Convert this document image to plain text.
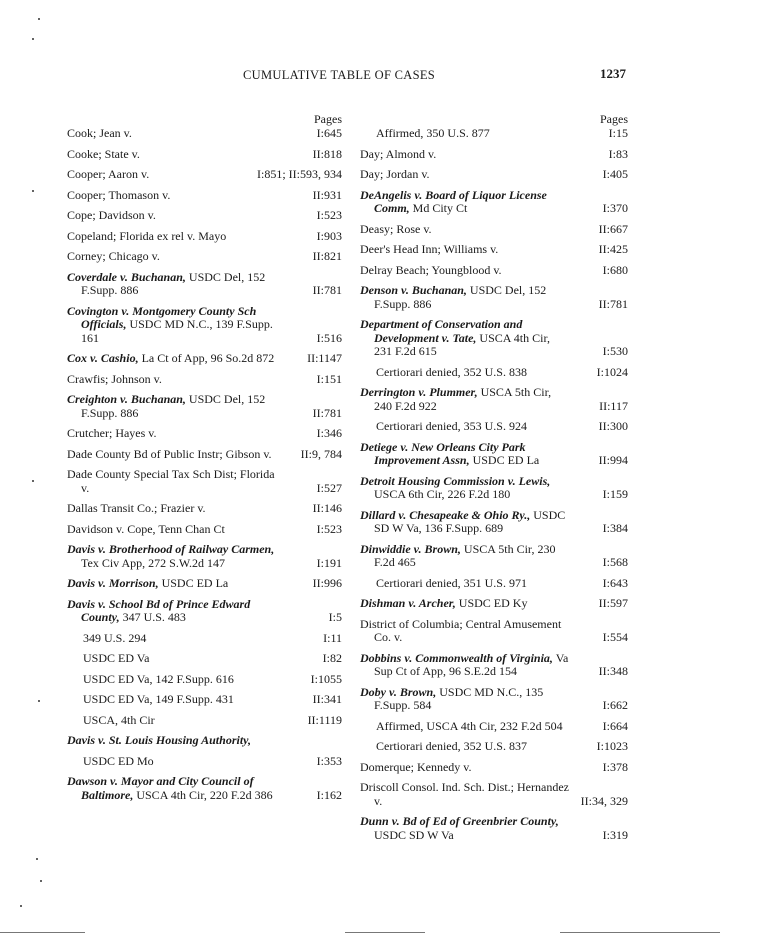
CUMULATIVE TABLE OF CASES	1237
Pages
Cook; Jean v.	I:645
Cooke; State v.	II:818
Cooper; Aaron v.	I:851; II:593, 934
Cooper; Thomason v.	II:931
Cope; Davidson v.	I:523
Copeland; Florida ex rel v. Mayo	I:903
Corney; Chicago v.	II:821
Coverdale v. Buchanan, USDC Del, 152 F.Supp. 886	II:781
Covington v. Montgomery County Sch Officials, USDC MD N.C., 139 F.Supp. 161	I:516
Cox v. Cashio, La Ct of App, 96 So.2d 872	II:1147
Crawfis; Johnson v.	I:151
Creighton v. Buchanan, USDC Del, 152 F.Supp. 886	II:781
Crutcher; Hayes v.	I:346
Dade County Bd of Public Instr; Gibson v.	II:9, 784
Dade County Special Tax Sch Dist; Florida v.	I:527
Dallas Transit Co.; Frazier v.	II:146
Davidson v. Cope, Tenn Chan Ct	I:523
Davis v. Brotherhood of Railway Carmen, Tex Civ App, 272 S.W.2d 147	I:191
Davis v. Morrison, USDC ED La	II:996
Davis v. School Bd of Prince Edward County, 347 U.S. 483	I:5
349 U.S. 294	I:11
USDC ED Va	I:82
USDC ED Va, 142 F.Supp. 616	I:1055
USDC ED Va, 149 F.Supp. 431	II:341
USCA, 4th Cir	II:1119
Davis v. St. Louis Housing Authority,
USDC ED Mo	I:353
Dawson v. Mayor and City Council of Baltimore, USCA 4th Cir, 220 F.2d 386	I:162
Pages
Affirmed, 350 U.S. 877	I:15
Day; Almond v.	I:83
Day; Jordan v.	I:405
DeAngelis v. Board of Liquor License Comm, Md City Ct	I:370
Deasy; Rose v.	II:667
Deer's Head Inn; Williams v.	II:425
Delray Beach; Youngblood v.	I:680
Denson v. Buchanan, USDC Del, 152 F.Supp. 886	II:781
Department of Conservation and Development v. Tate, USCA 4th Cir, 231 F.2d 615	I:530
Certiorari denied, 352 U.S. 838	I:1024
Derrington v. Plummer, USCA 5th Cir, 240 F.2d 922	II:117
Certiorari denied, 353 U.S. 924	II:300
Detiege v. New Orleans City Park Improvement Assn, USDC ED La	II:994
Detroit Housing Commission v. Lewis, USCA 6th Cir, 226 F.2d 180	I:159
Dillard v. Chesapeake & Ohio Ry., USDC SD W Va, 136 F.Supp. 689	I:384
Dinwiddie v. Brown, USCA 5th Cir, 230 F.2d 465	I:568
Certiorari denied, 351 U.S. 971	I:643
Dishman v. Archer, USDC ED Ky	II:597
District of Columbia; Central Amusement Co. v.	I:554
Dobbins v. Commonwealth of Virginia, Va Sup Ct of App, 96 S.E.2d 154	II:348
Doby v. Brown, USDC MD N.C., 135 F.Supp. 584	I:662
Affirmed, USCA 4th Cir, 232 F.2d 504	I:664
Certiorari denied, 352 U.S. 837	I:1023
Domerque; Kennedy v.	I:378
Driscoll Consol. Ind. Sch. Dist.; Hernandez v.	II:34, 329
Dunn v. Bd of Ed of Greenbrier County, USDC SD W Va	I:319
